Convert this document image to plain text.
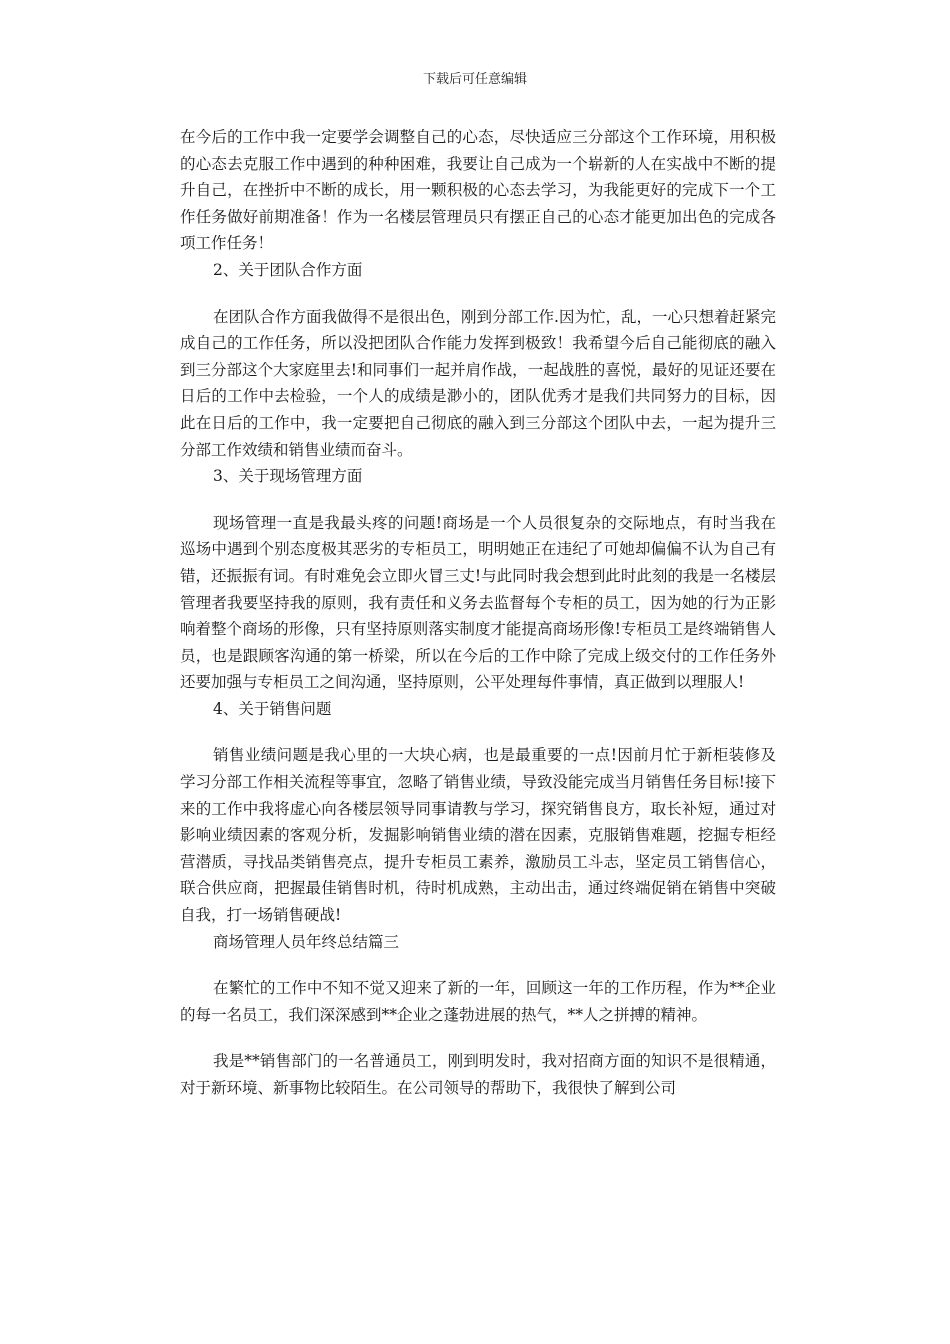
下载后可任意编辑

在今后的工作中我一定要学会调整自己的心态，尽快适应三分部这个工作环境，用积极的心态去克服工作中遇到的种种困难，我要让自己成为一个崭新的人在实战中不断的提升自己，在挫折中不断的成长，用一颗积极的心态去学习，为我能更好的完成下一个工作任务做好前期准备！作为一名楼层管理员只有摆正自己的心态才能更加出色的完成各项工作任务！

2、关于团队合作方面

在团队合作方面我做得不是很出色，刚到分部工作.因为忙，乱，一心只想着赶紧完成自己的工作任务，所以没把团队合作能力发挥到极致！我希望今后自己能彻底的融入到三分部这个大家庭里去!和同事们一起并肩作战，一起战胜的喜悦，最好的见证还要在日后的工作中去检验，一个人的成绩是渺小的，团队优秀才是我们共同努力的目标，因此在日后的工作中，我一定要把自己彻底的融入到三分部这个团队中去，一起为提升三分部工作效绩和销售业绩而奋斗。

3、关于现场管理方面

现场管理一直是我最头疼的问题!商场是一个人员很复杂的交际地点，有时当我在巡场中遇到个别态度极其恶劣的专柜员工，明明她正在违纪了可她却偏偏不认为自己有错，还振振有词。有时难免会立即火冒三丈!与此同时我会想到此时此刻的我是一名楼层管理者我要坚持我的原则，我有责任和义务去监督每个专柜的员工，因为她的行为正影响着整个商场的形像，只有坚持原则落实制度才能提高商场形像!专柜员工是终端销售人员，也是跟顾客沟通的第一桥梁，所以在今后的工作中除了完成上级交付的工作任务外还要加强与专柜员工之间沟通，坚持原则，公平处理每件事情，真正做到以理服人!

4、关于销售问题

销售业绩问题是我心里的一大块心病，也是最重要的一点!因前月忙于新柜装修及学习分部工作相关流程等事宜，忽略了销售业绩，导致没能完成当月销售任务目标!接下来的工作中我将虚心向各楼层领导同事请教与学习，探究销售良方，取长补短，通过对影响业绩因素的客观分析，发掘影响销售业绩的潜在因素，克服销售难题，挖掘专柜经营潜质，寻找品类销售亮点，提升专柜员工素养，激励员工斗志，坚定员工销售信心，联合供应商，把握最佳销售时机，待时机成熟，主动出击，通过终端促销在销售中突破自我，打一场销售硬战!

商场管理人员年终总结篇三

在繁忙的工作中不知不觉又迎来了新的一年，回顾这一年的工作历程，作为**企业的每一名员工，我们深深感到**企业之蓬勃进展的热气，**人之拼搏的精神。

我是**销售部门的一名普通员工，刚到明发时，我对招商方面的知识不是很精通，对于新环境、新事物比较陌生。在公司领导的帮助下，我很快了解到公司
